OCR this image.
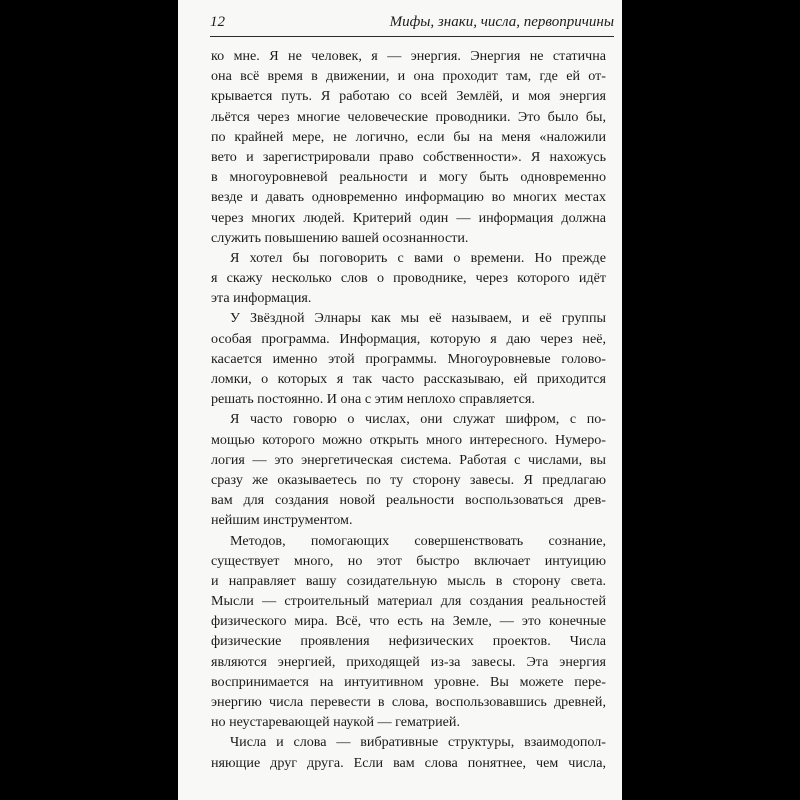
12	Мифы, знаки, числа, первопричины
ко мне. Я не человек, я — энергия. Энергия не статична
она всё время в движении, и она проходит там, где ей от-
крывается путь. Я работаю со всей Землёй, и моя энергия
льётся через многие человеческие проводники. Это было бы,
по крайней мере, не логично, если бы на меня «наложили
вето и зарегистрировали право собственности». Я нахожусь
в многоуровневой реальности и могу быть одновременно
везде и давать одновременно информацию во многих местах
через многих людей. Критерий один — информация должна
служить повышению вашей осознанности.
Я хотел бы поговорить с вами о времени. Но прежде
я скажу несколько слов о проводнике, через которого идёт
эта информация.
У Звёздной Элнары как мы её называем, и её группы
особая программа. Информация, которую я даю через неё,
касается именно этой программы. Многоуровневые голово-
ломки, о которых я так часто рассказываю, ей приходится
решать постоянно. И она с этим неплохо справляется.
Я часто говорю о числах, они служат шифром, с по-
мощью которого можно открыть много интересного. Нумеро-
логия — это энергетическая система. Работая с числами, вы
сразу же оказываетесь по ту сторону завесы. Я предлагаю
вам для создания новой реальности воспользоваться древ-
нейшим инструментом.
Методов, помогающих совершенствовать сознание,
существует много, но этот быстро включает интуицию
и направляет вашу созидательную мысль в сторону света.
Мысли — строительный материал для создания реальностей
физического мира. Всё, что есть на Земле, — это конечные
физические проявления нефизических проектов. Числа
являются энергией, приходящей из-за завесы. Эта энергия
воспринимается на интуитивном уровне. Вы можете пере-
энергию числа перевести в слова, воспользовавшись древней,
но неустаревающей наукой — гематрией.
Числа и слова — вибративные структуры, взаимодопол-
няющие друг друга. Если вам слова понятнее, чем числа,
